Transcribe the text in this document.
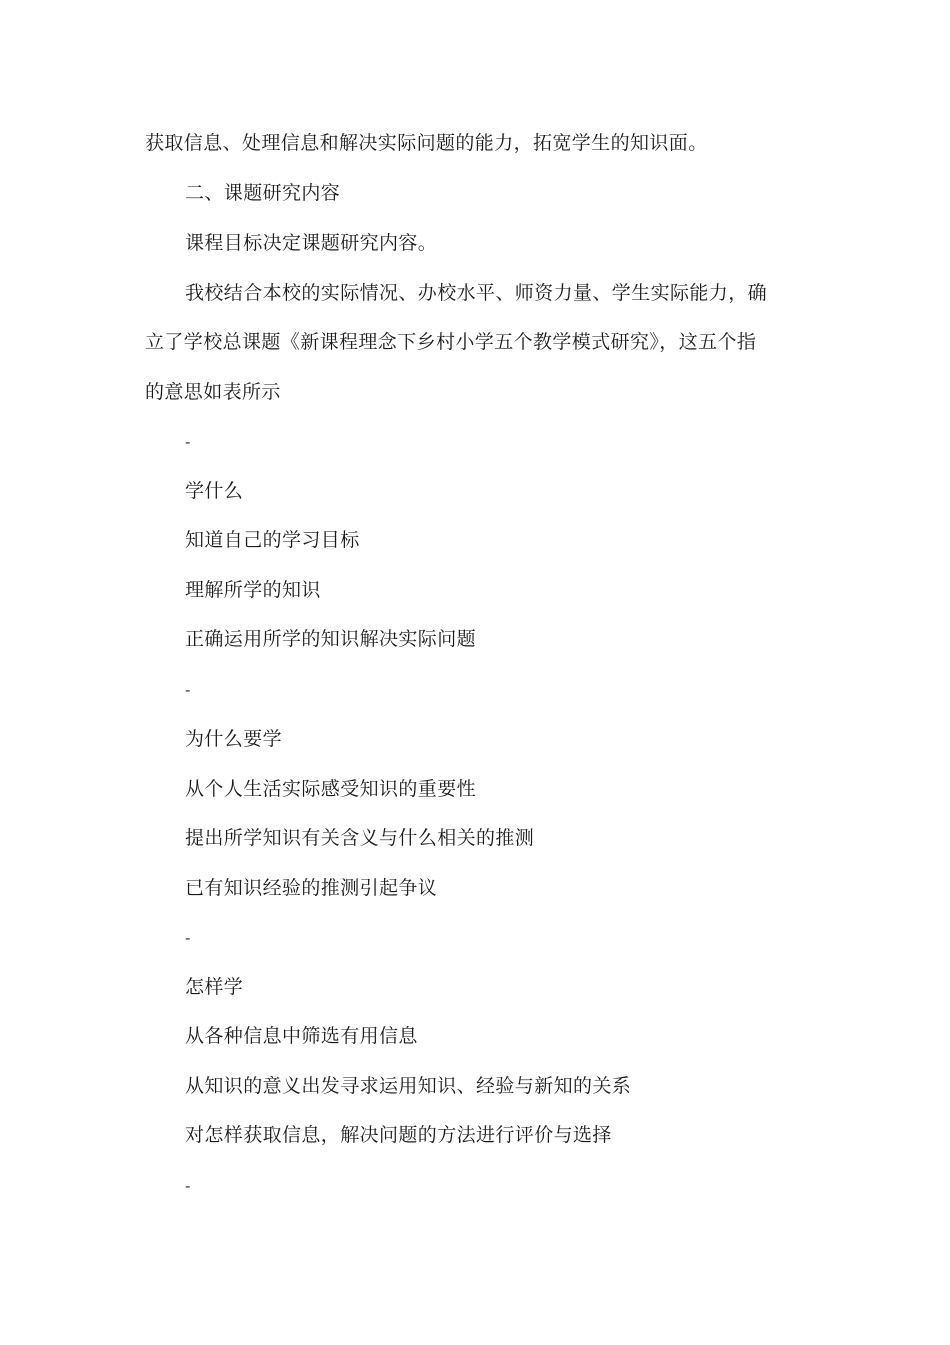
获取信息、处理信息和解决实际问题的能力，拓宽学生的知识面。
二、课题研究内容
课程目标决定课题研究内容。
我校结合本校的实际情况、办校水平、师资力量、学生实际能力，确
立了学校总课题《新课程理念下乡村小学五个教学模式研究》，这五个指
的意思如表所示
-
学什么
知道自己的学习目标
理解所学的知识
正确运用所学的知识解决实际问题
-
为什么要学
从个人生活实际感受知识的重要性
提出所学知识有关含义与什么相关的推测
已有知识经验的推测引起争议
-
怎样学
从各种信息中筛选有用信息
从知识的意义出发寻求运用知识、经验与新知的关系
对怎样获取信息，解决问题的方法进行评价与选择
-
